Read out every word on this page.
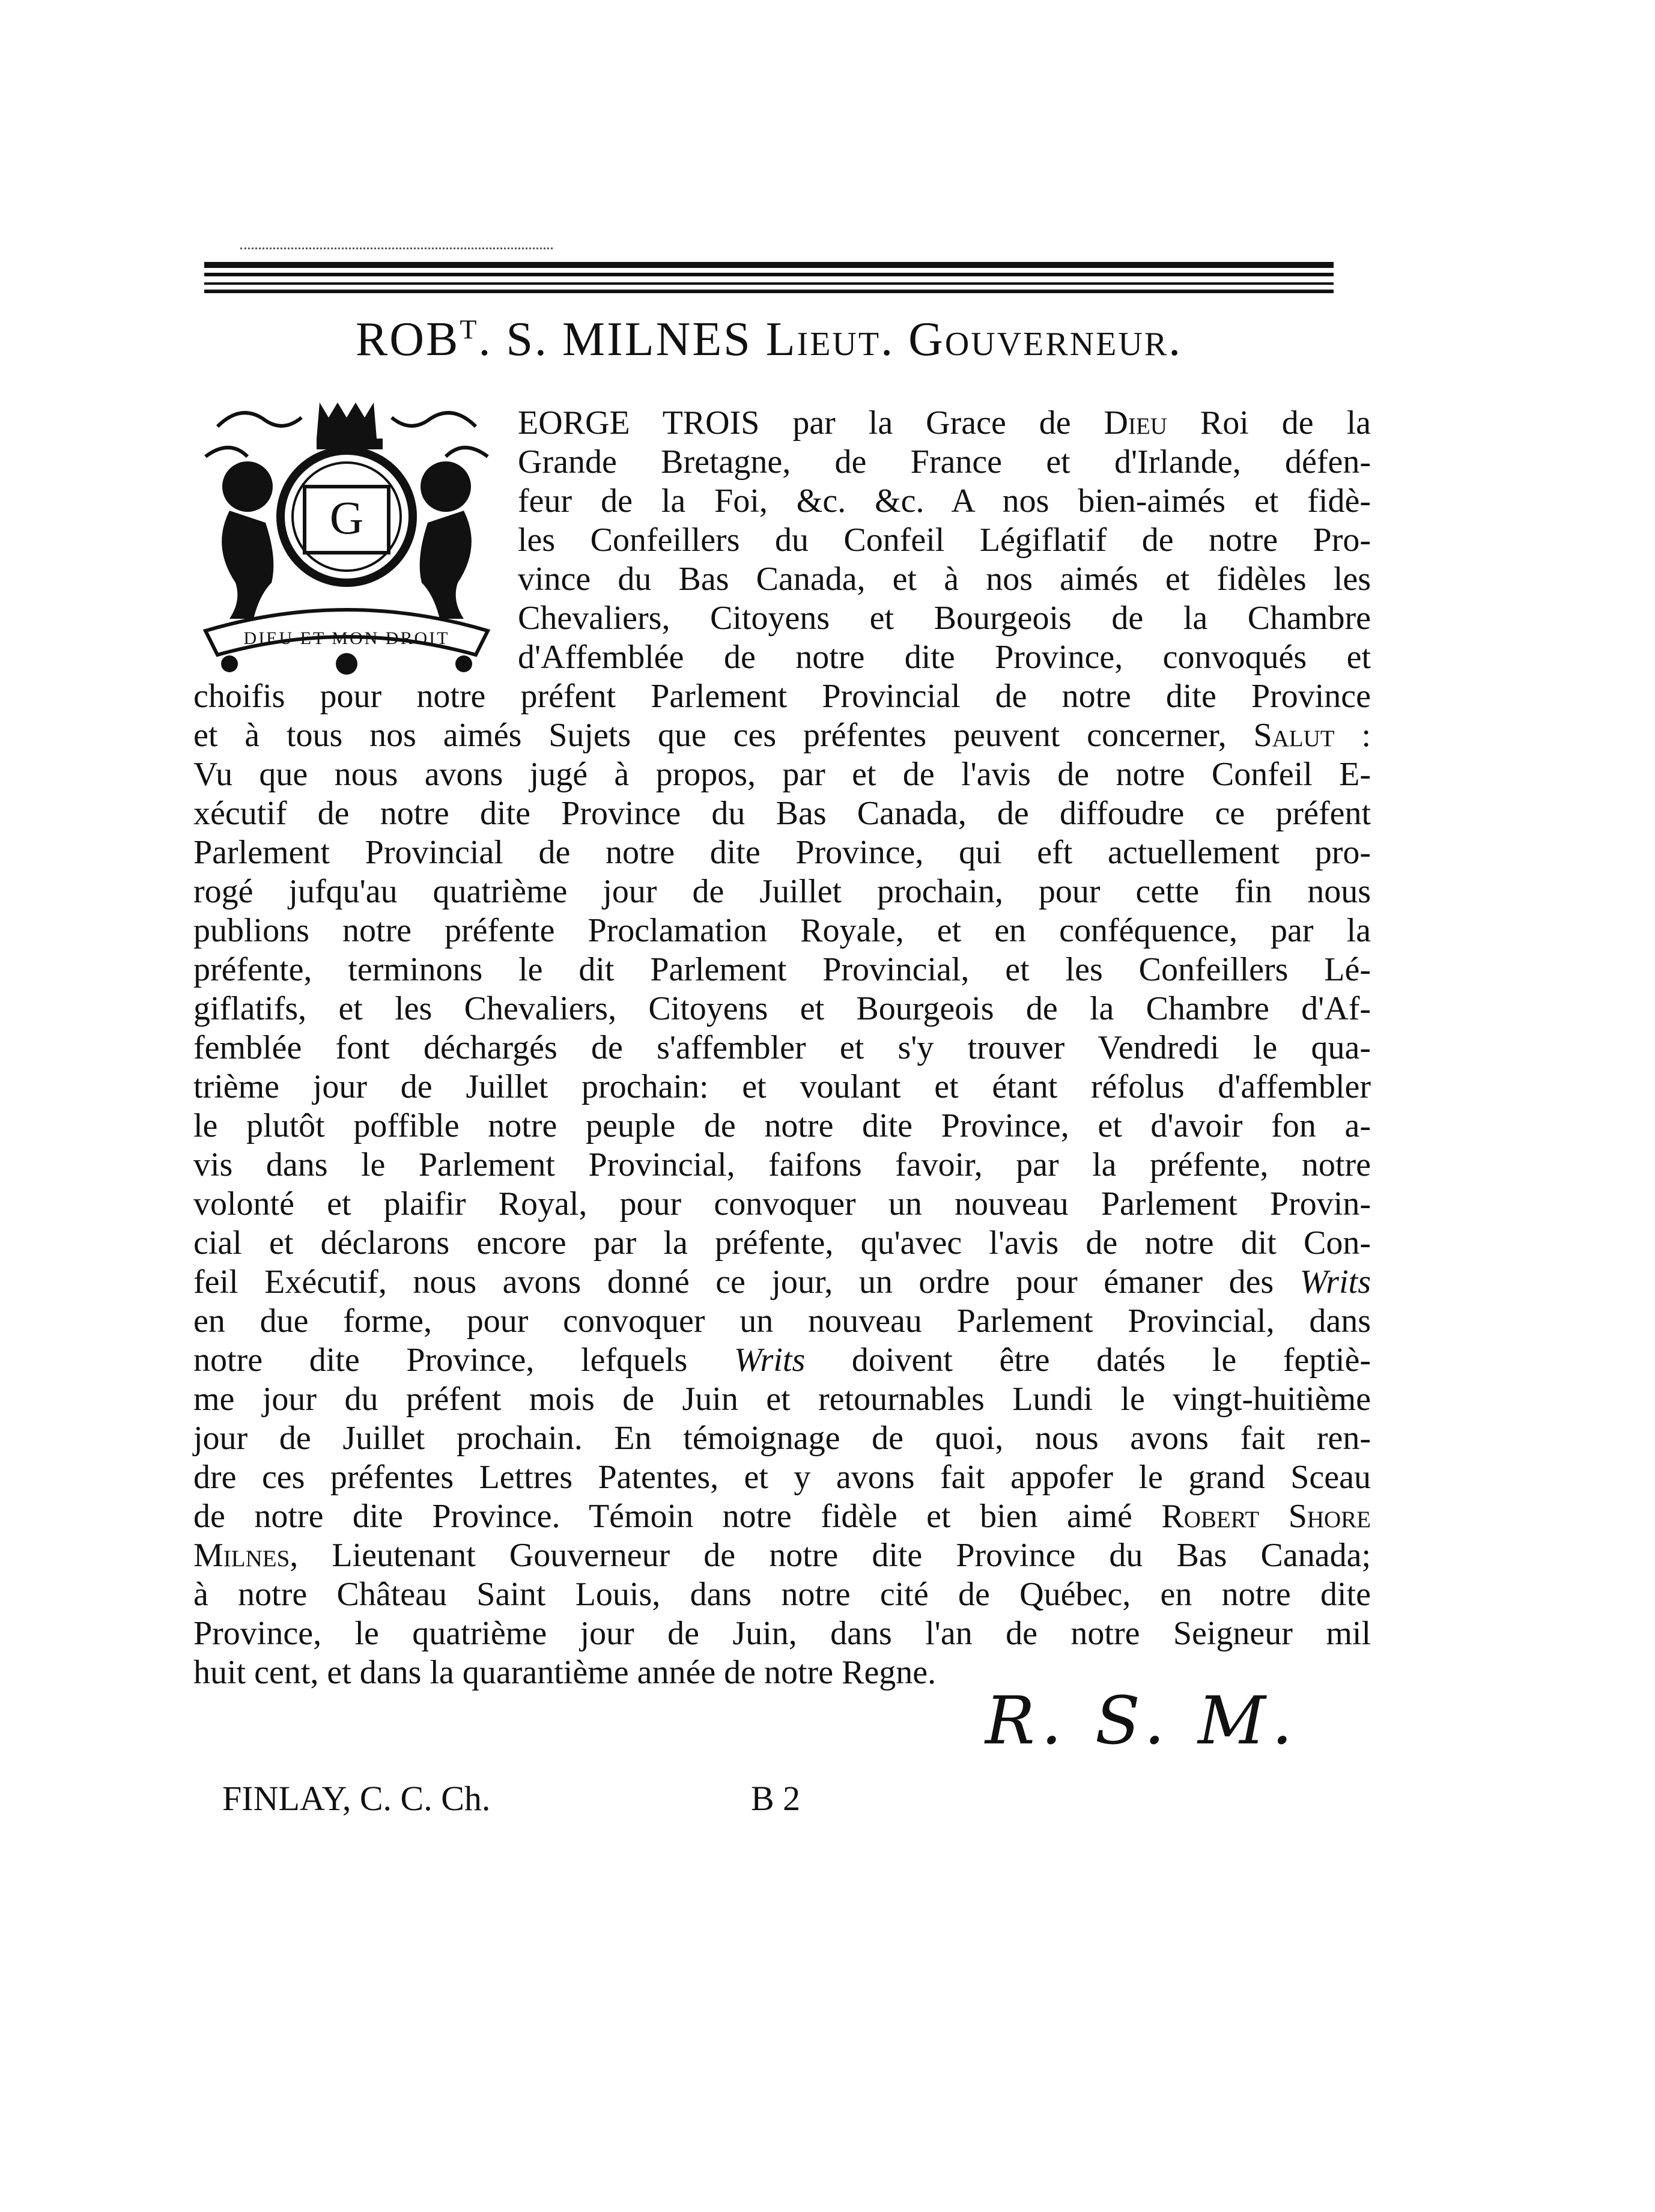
$ROB^T$. S. MILNES Lieut. Gouverneur.
G
DIEU ET MON DROIT
EORGE TROIS par la Grace de Dieu Roi de la
Grande Bretagne, de France et d'Irlande, défen-
feur de la Foi, &c. &c. A nos bien-aimés et fidè-
les Confeillers du Confeil Légiflatif de notre Pro-
vince du Bas Canada, et à nos aimés et fidèles les
Chevaliers, Citoyens et Bourgeois de la Chambre
d'Affemblée de notre dite Province, convoqués et
choifis pour notre préfent Parlement Provincial de notre dite Province
et à tous nos aimés Sujets que ces préfentes peuvent concerner, Salut :
Vu que nous avons jugé à propos, par et de l'avis de notre Confeil E-
xécutif de notre dite Province du Bas Canada, de diffoudre ce préfent
Parlement Provincial de notre dite Province, qui eft actuellement pro-
rogé jufqu'au quatrième jour de Juillet prochain, pour cette fin nous
publions notre préfente Proclamation Royale, et en conféquence, par la
préfente, terminons le dit Parlement Provincial, et les Confeillers Lé-
giflatifs, et les Chevaliers, Citoyens et Bourgeois de la Chambre d'Af-
femblée font déchargés de s'affembler et s'y trouver Vendredi le qua-
trième jour de Juillet prochain: et voulant et étant réfolus d'affembler
le plutôt poffible notre peuple de notre dite Province, et d'avoir fon a-
vis dans le Parlement Provincial, faifons favoir, par la préfente, notre
volonté et plaifir Royal, pour convoquer un nouveau Parlement Provin-
cial et déclarons encore par la préfente, qu'avec l'avis de notre dit Con-
feil Exécutif, nous avons donné ce jour, un ordre pour émaner des Writs
en due forme, pour convoquer un nouveau Parlement Provincial, dans
notre dite Province, lefquels Writs doivent être datés le feptiè-
me jour du préfent mois de Juin et retournables Lundi le vingt-huitième
jour de Juillet prochain. En témoignage de quoi, nous avons fait ren-
dre ces préfentes Lettres Patentes, et y avons fait appofer le grand Sceau
de notre dite Province. Témoin notre fidèle et bien aimé Robert Shore
Milnes, Lieutenant Gouverneur de notre dite Province du Bas Canada;
à notre Château Saint Louis, dans notre cité de Québec, en notre dite
Province, le quatrième jour de Juin, dans l'an de notre Seigneur mil
huit cent, et dans la quarantième année de notre Regne.
R. S. M.
FINLAY, C. C. Ch.	B 2
